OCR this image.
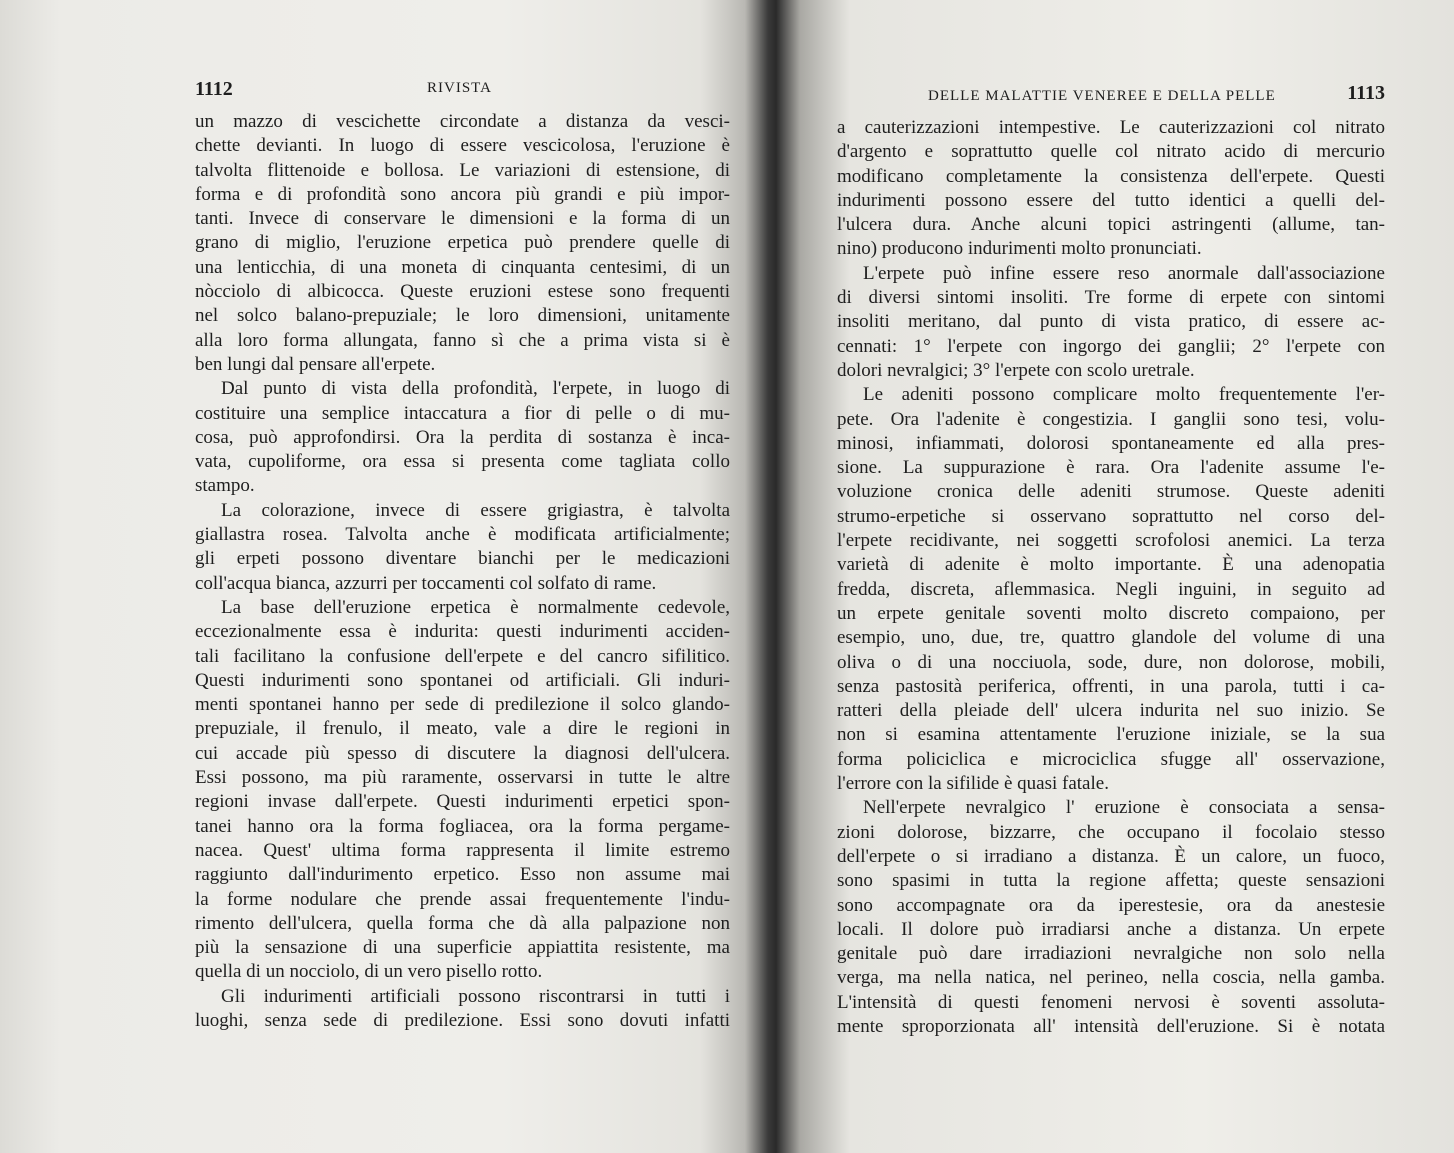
1112	RIVISTA
un mazzo di vescichette circondate a distanza da vesci-
chette devianti. In luogo di essere vescicolosa, l'eruzione è
talvolta flittenoide e bollosa. Le variazioni di estensione, di
forma e di profondità sono ancora più grandi e più impor-
tanti. Invece di conservare le dimensioni e la forma di un
grano di miglio, l'eruzione erpetica può prendere quelle di
una lenticchia, di una moneta di cinquanta centesimi, di un
nòcciolo di albicocca. Queste eruzioni estese sono frequenti
nel solco balano-prepuziale; le loro dimensioni, unitamente
alla loro forma allungata, fanno sì che a prima vista si è
ben lungi dal pensare all'erpete.
Dal punto di vista della profondità, l'erpete, in luogo di
costituire una semplice intaccatura a fior di pelle o di mu-
cosa, può approfondirsi. Ora la perdita di sostanza è inca-
vata, cupoliforme, ora essa si presenta come tagliata collo
stampo.
La colorazione, invece di essere grigiastra, è talvolta
giallastra rosea. Talvolta anche è modificata artificialmente;
gli erpeti possono diventare bianchi per le medicazioni
coll'acqua bianca, azzurri per toccamenti col solfato di rame.
La base dell'eruzione erpetica è normalmente cedevole,
eccezionalmente essa è indurita: questi indurimenti acciden-
tali facilitano la confusione dell'erpete e del cancro sifilitico.
Questi indurimenti sono spontanei od artificiali. Gli induri-
menti spontanei hanno per sede di predilezione il solco glando-
prepuziale, il frenulo, il meato, vale a dire le regioni in
cui accade più spesso di discutere la diagnosi dell'ulcera.
Essi possono, ma più raramente, osservarsi in tutte le altre
regioni invase dall'erpete. Questi indurimenti erpetici spon-
tanei hanno ora la forma fogliacea, ora la forma pergame-
nacea. Quest' ultima forma rappresenta il limite estremo
raggiunto dall'indurimento erpetico. Esso non assume mai
la forme nodulare che prende assai frequentemente l'indu-
rimento dell'ulcera, quella forma che dà alla palpazione non
più la sensazione di una superficie appiattita resistente, ma
quella di un nocciolo, di un vero pisello rotto.
Gli indurimenti artificiali possono riscontrarsi in tutti i
luoghi, senza sede di predilezione. Essi sono dovuti infatti
DELLE MALATTIE VENEREE E DELLA PELLE	1113
a cauterizzazioni intempestive. Le cauterizzazioni col nitrato
d'argento e soprattutto quelle col nitrato acido di mercurio
modificano completamente la consistenza dell'erpete. Questi
indurimenti possono essere del tutto identici a quelli del-
l'ulcera dura. Anche alcuni topici astringenti (allume, tan-
nino) producono indurimenti molto pronunciati.
L'erpete può infine essere reso anormale dall'associazione
di diversi sintomi insoliti. Tre forme di erpete con sintomi
insoliti meritano, dal punto di vista pratico, di essere ac-
cennati: 1° l'erpete con ingorgo dei ganglii; 2° l'erpete con
dolori nevralgici; 3° l'erpete con scolo uretrale.
Le adeniti possono complicare molto frequentemente l'er-
pete. Ora l'adenite è congestizia. I ganglii sono tesi, volu-
minosi, infiammati, dolorosi spontaneamente ed alla pres-
sione. La suppurazione è rara. Ora l'adenite assume l'e-
voluzione cronica delle adeniti strumose. Queste adeniti
strumo-erpetiche si osservano soprattutto nel corso del-
l'erpete recidivante, nei soggetti scrofolosi anemici. La terza
varietà di adenite è molto importante. È una adenopatia
fredda, discreta, aflemmasica. Negli inguini, in seguito ad
un erpete genitale soventi molto discreto compaiono, per
esempio, uno, due, tre, quattro glandole del volume di una
oliva o di una nocciuola, sode, dure, non dolorose, mobili,
senza pastosità periferica, offrenti, in una parola, tutti i ca-
ratteri della pleiade dell' ulcera indurita nel suo inizio. Se
non si esamina attentamente l'eruzione iniziale, se la sua
forma policiclica e microciclica sfugge all' osservazione,
l'errore con la sifilide è quasi fatale.
Nell'erpete nevralgico l' eruzione è consociata a sensa-
zioni dolorose, bizzarre, che occupano il focolaio stesso
dell'erpete o si irradiano a distanza. È un calore, un fuoco,
sono spasimi in tutta la regione affetta; queste sensazioni
sono accompagnate ora da iperestesie, ora da anestesie
locali. Il dolore può irradiarsi anche a distanza. Un erpete
genitale può dare irradiazioni nevralgiche non solo nella
verga, ma nella natica, nel perineo, nella coscia, nella gamba.
L'intensità di questi fenomeni nervosi è soventi assoluta-
mente sproporzionata all' intensità dell'eruzione. Si è notata
